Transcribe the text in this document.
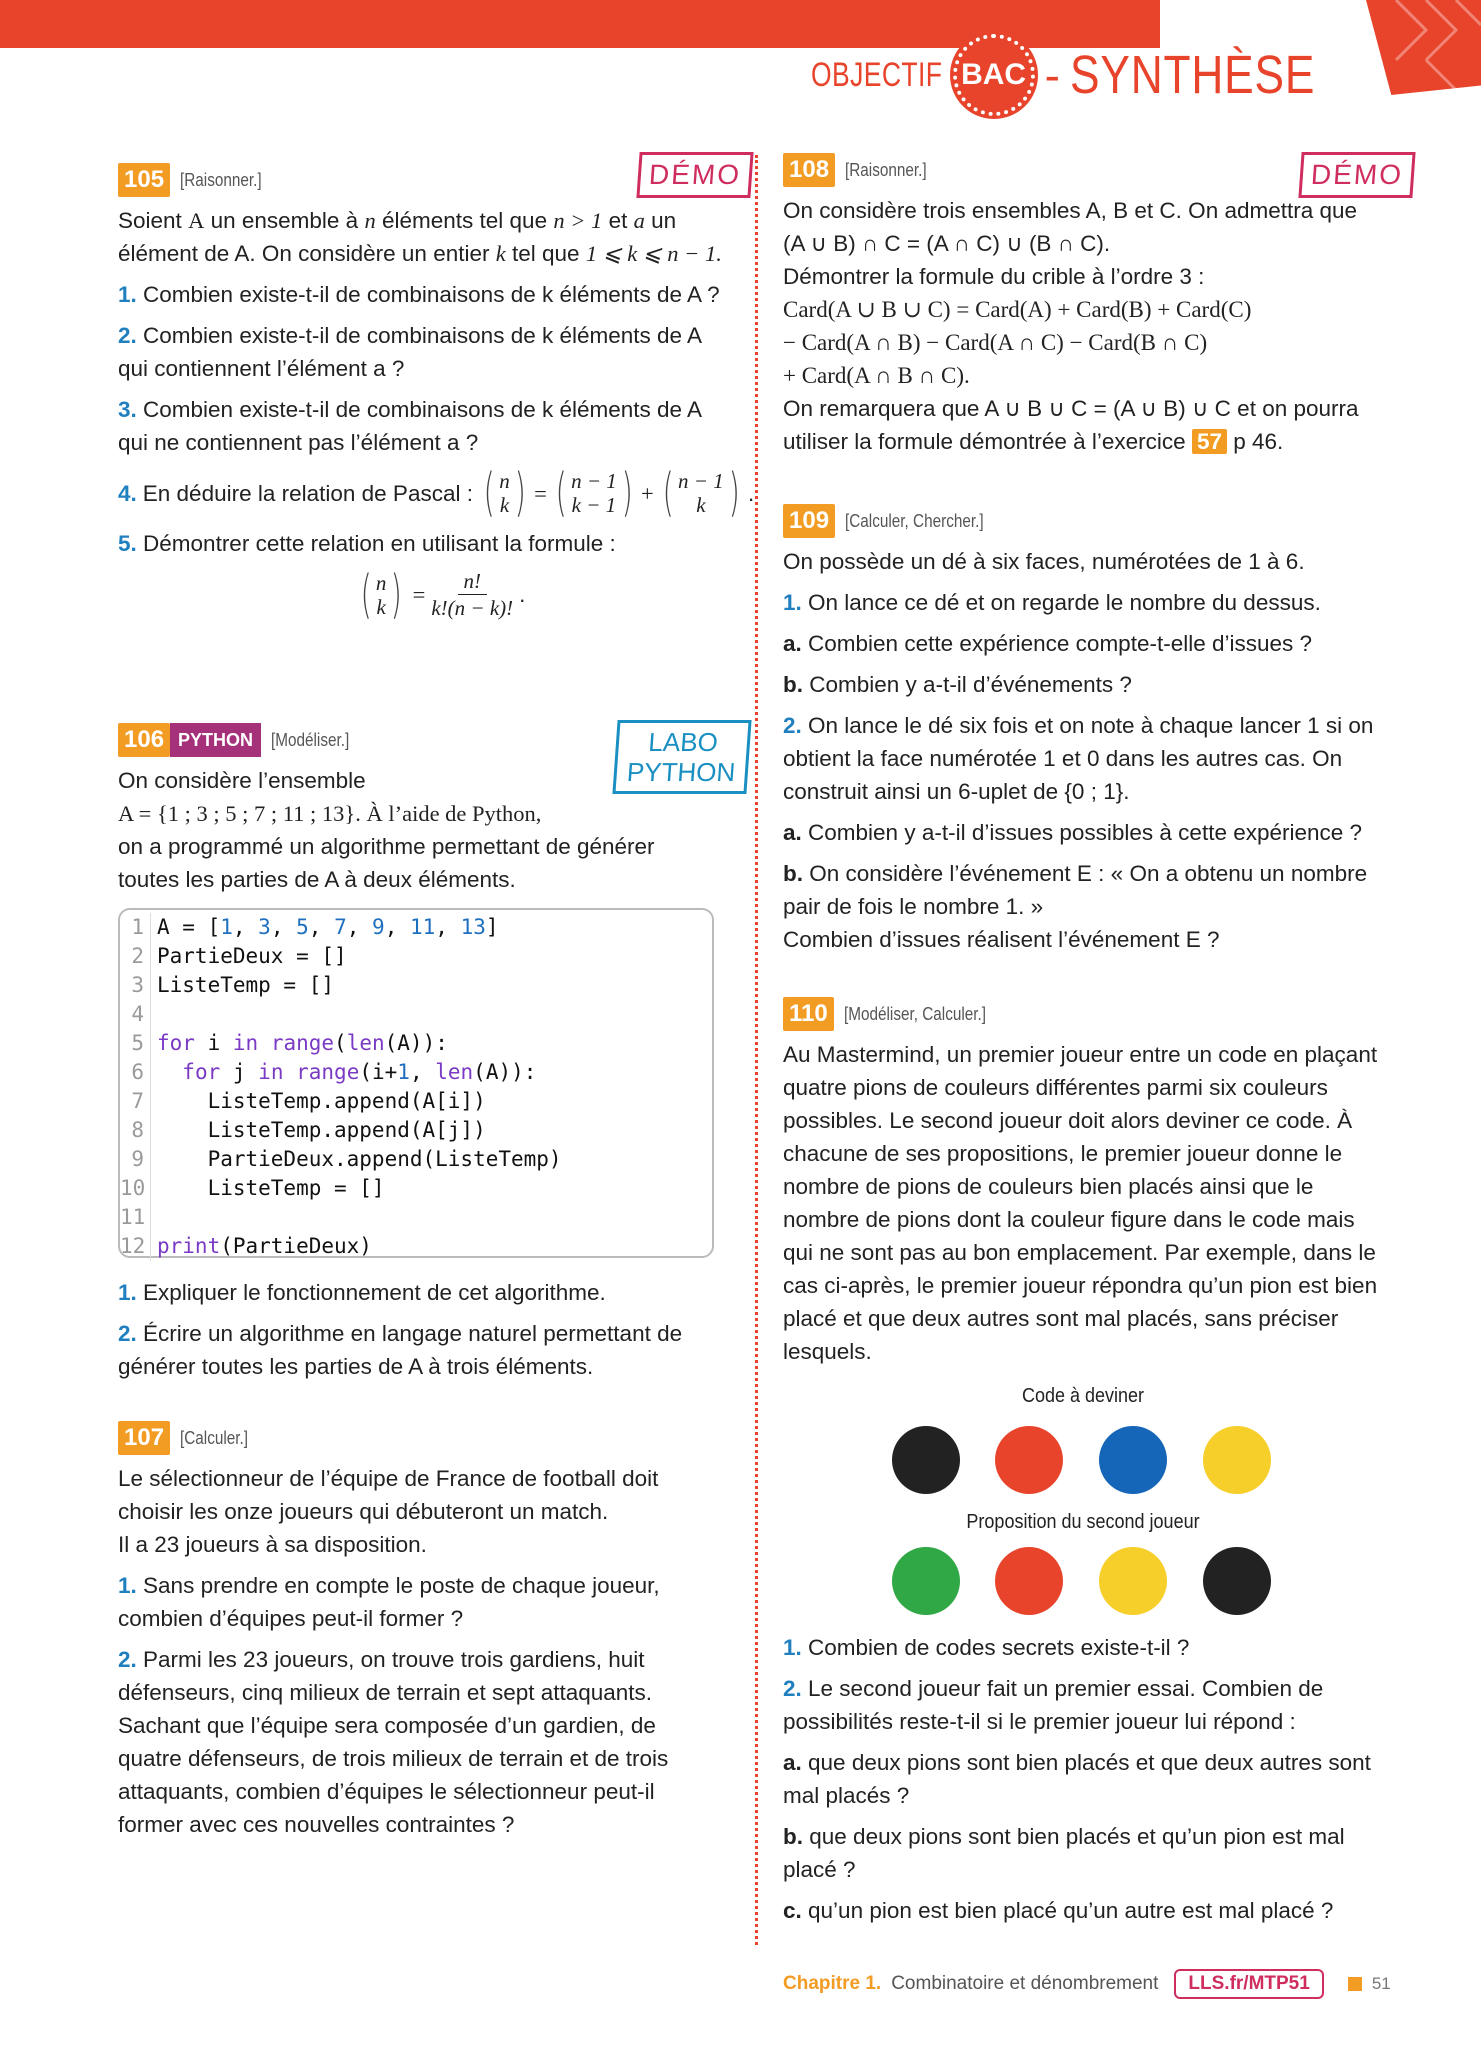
OBJECTIF BAC - SYNTHÈSE
105 [Raisonner.]

Soient A un ensemble à n éléments tel que n > 1 et a un élément de A. On considère un entier k tel que 1 ⩽ k ⩽ n − 1.

1. Combien existe-t-il de combinaisons de k éléments de A ?

2. Combien existe-t-il de combinaisons de k éléments de A qui contiennent l’élément a ?

3. Combien existe-t-il de combinaisons de k éléments de A qui ne contiennent pas l’élément a ?

4. En déduire la relation de Pascal : ( n
k ) = ( n − 1
k − 1 ) + ( n − 1
k ) .

5. Démontrer cette relation en utilisant la formule :

( n
k ) = $\frac{n!}{k!(n - k)!}$ .
DÉMO
106 PYTHON	[Modéliser.]

On considère l’ensemble

A = {1 ; 3 ; 5 ; 7 ; 11 ; 13}. À l’aide de Python,

on a programmé un algorithme permettant de générer toutes les parties de A à deux éléments.

LABO
PYTHON
1 A = [1, 3, 5, 7, 9, 11, 13]
2 PartieDeux = []
3 ListeTemp = []
4
5 for i in range(len(A)):
6	for j in range(i+1, len(A)):
7 ListeTemp.append(A[i])
8 ListeTemp.append(A[j])
9 PartieDeux.append(ListeTemp)
10 ListeTemp = []
11
12 print(PartieDeux)

1. Expliquer le fonctionnement de cet algorithme.

2. Écrire un algorithme en langage naturel permettant de générer toutes les parties de A à trois éléments.

107 [Calculer.]

Le sélectionneur de l’équipe de France de football doit choisir les onze joueurs qui débuteront un match.

Il a 23 joueurs à sa disposition.

1. Sans prendre en compte le poste de chaque joueur, combien d’équipes peut-il former ?

2. Parmi les 23 joueurs, on trouve trois gardiens, huit défenseurs, cinq milieux de terrain et sept attaquants. Sachant que l’équipe sera composée d’un gardien, de quatre défenseurs, de trois milieux de terrain et de trois attaquants, combien d’équipes le sélectionneur peut-il former avec ces nouvelles contraintes ?

108 [Raisonner.]

On considère trois ensembles A, B et C. On admettra que (A ∪ B) ∩ C = (A ∩ C) ∪ (B ∩ C).

Démontrer la formule du crible à l’ordre 3 :

Card(A ∪ B ∪ C) = Card(A) + Card(B) + Card(C)
− Card(A ∩ B) − Card(A ∩ C) − Card(B ∩ C)
+ Card(A ∩ B ∩ C).

On remarquera que A ∪ B ∪ C = (A ∪ B) ∪ C et on pourra utiliser la formule démontrée à l’exercice 57 p 46.

DÉMO
109 [Calculer, Chercher.]

On possède un dé à six faces, numérotées de 1 à 6.

1. On lance ce dé et on regarde le nombre du dessus.

a. Combien cette expérience compte-t-elle d’issues ?

b. Combien y a-t-il d’événements ?

2. On lance le dé six fois et on note à chaque lancer 1 si on obtient la face numérotée 1 et 0 dans les autres cas. On construit ainsi un 6-uplet de {0 ; 1}.

a. Combien y a-t-il d’issues possibles à cette expérience ?

b. On considère l’événement E : « On a obtenu un nombre pair de fois le nombre 1. »

Combien d’issues réalisent l’événement E ?

110 [Modéliser, Calculer.]

Au Mastermind, un premier joueur entre un code en plaçant quatre pions de couleurs différentes parmi six couleurs possibles. Le second joueur doit alors deviner ce code. À chacune de ses propositions, le premier joueur donne le nombre de pions de couleurs bien placés ainsi que le nombre de pions dont la couleur figure dans le code mais qui ne sont pas au bon emplacement. Par exemple, dans le cas ci-après, le premier joueur répondra qu’un pion est bien placé et que deux autres sont mal placés, sans préciser lesquels.

Code à deviner
Proposition du second joueur

1. Combien de codes secrets existe-t-il ?

2. Le second joueur fait un premier essai. Combien de possibilités reste-t-il si le premier joueur lui répond :

a. que deux pions sont bien placés et que deux autres sont mal placés ?

b. que deux pions sont bien placés et qu’un pion est mal placé ?

c. qu’un pion est bien placé qu’un autre est mal placé ?

Chapitre 1. Combinatoire et dénombrement	LLS.fr/MTP51	51
